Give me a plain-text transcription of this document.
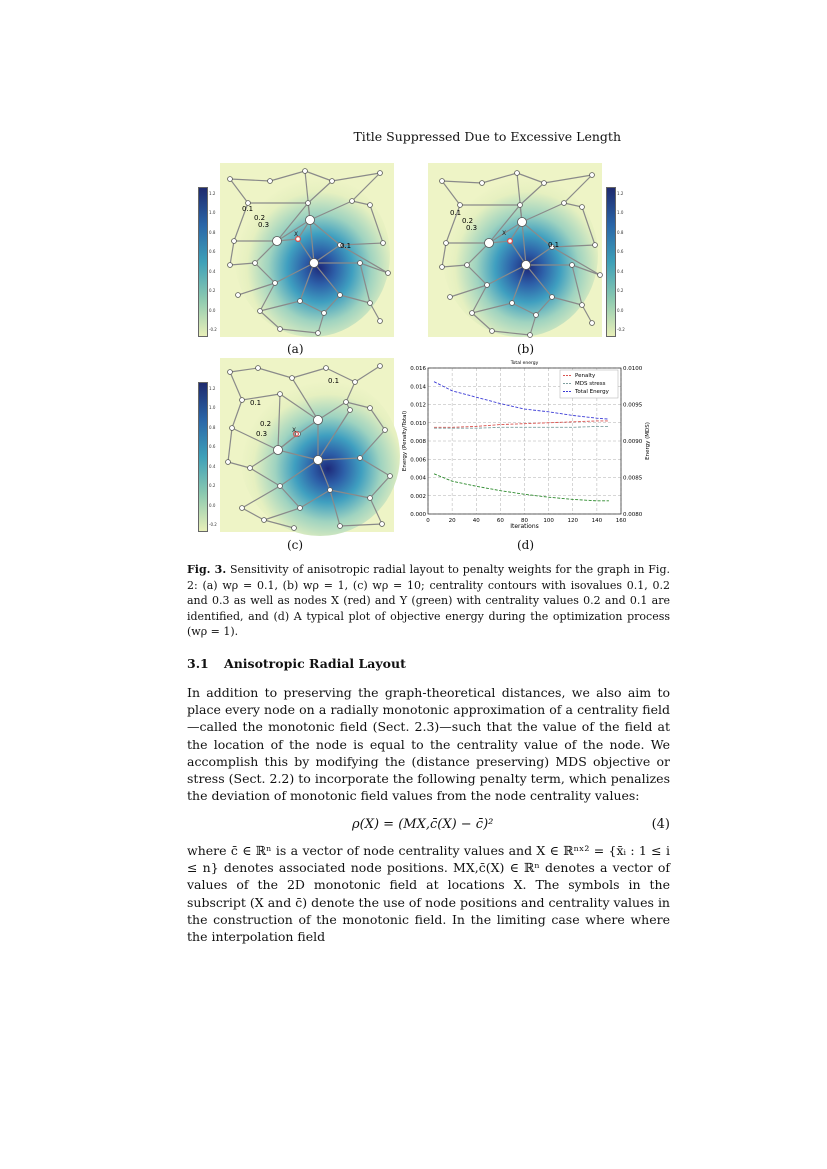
Title Suppressed Due to Excessive Length
0.1
0.2
0.3
0.1
X
(a)
0.1
0.2
0.3
0.1
X
(b)
0.1
0.2
0.3
0.1
X
(c)
Total energy
0	20	40	60	80	100 120 140 160
0.000
0.002
0.004
0.006
0.008
0.010
0.012
0.014
0.016
0.0080
0.0085
0.0090
0.0095
0.0100
Iterations
Energy (Penalty/Total)	Energy (MDS)
Penalty
MDS stress
Total Energy
(d)
Fig. 3. Sensitivity of anisotropic radial layout to penalty weights for the graph in Fig. 2: (a) wρ = 0.1, (b) wρ = 1, (c) wρ = 10; centrality contours with isovalues 0.1, 0.2 and 0.3 as well as nodes X (red) and Y (green) with centrality values 0.2 and 0.1 are identified, and (d) A typical plot of objective energy during the optimization process (wρ = 1).
3.1 Anisotropic Radial Layout
In addition to preserving the graph-theoretical distances, we also aim to place every node on a radially monotonic approximation of a centrality field—called the monotonic field (Sect. 2.3)—such that the value of the field at the location of the node is equal to the centrality value of the node. We accomplish this by modifying the (distance preserving) MDS objective or stress (Sect. 2.2) to incorporate the following penalty term, which penalizes the deviation of monotonic field values from the node centrality values:
ρ(X) = (MX,c̄(X) − c̄)²	(4)
where c̄ ∈ ℝⁿ is a vector of node centrality values and X ∈ ℝⁿˣ² = {x̄ᵢ : 1 ≤ i ≤ n} denotes associated node positions. MX,c̄(X) ∈ ℝⁿ denotes a vector of values of the 2D monotonic field at locations X. The symbols in the subscript (X and c̄) denote the use of node positions and centrality values in the construction of the monotonic field. In the limiting case where where the interpolation field
1.2
1.0
0.8
0.6
0.4
0.2
0.0
-0.2
1.2
1.0
0.8
0.6
0.4
0.2
0.0
-0.2
1.2
1.0
0.8
0.6
0.4
0.2
0.0
-0.2
